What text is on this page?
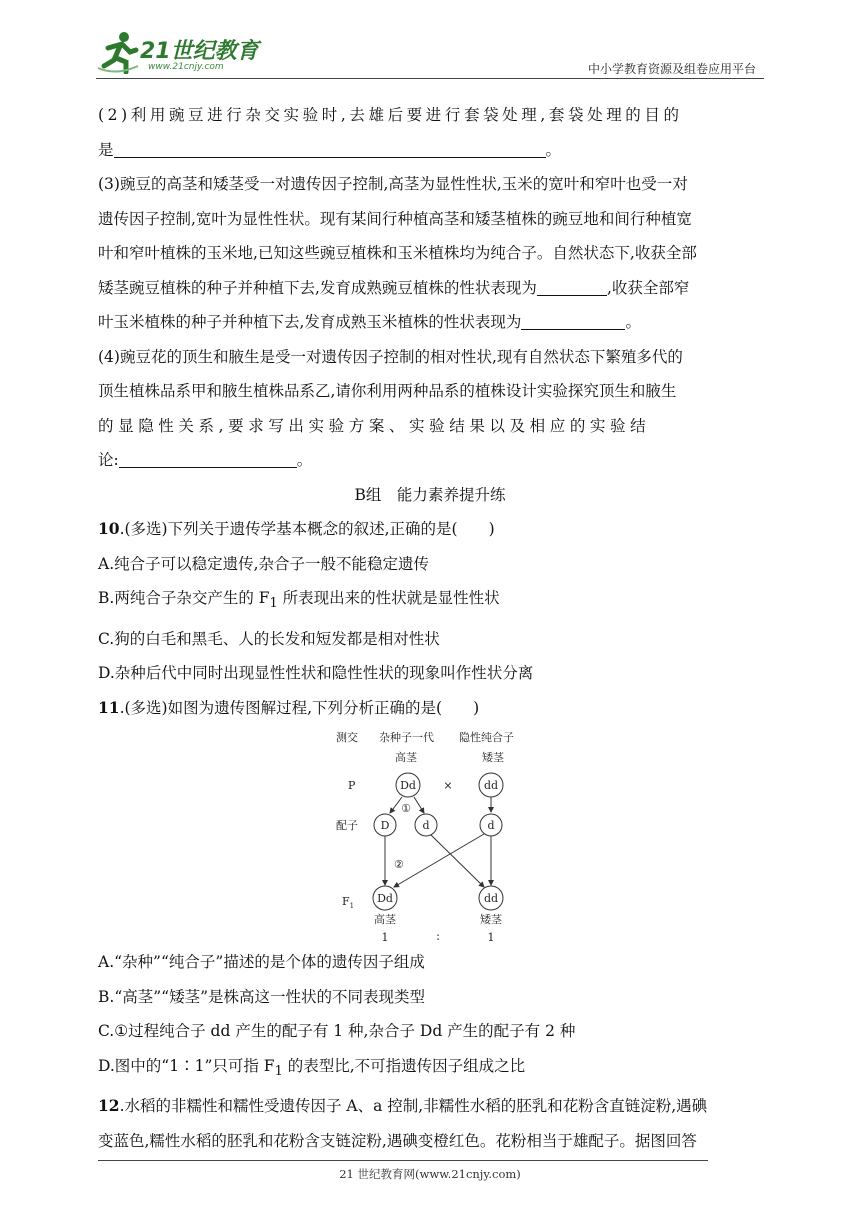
21世纪教育
www.21cnjy.com	中小学教育资源及组卷应用平台

(2)利用豌豆进行杂交实验时,去雄后要进行套袋处理,套袋处理的目的

是	。

(3)豌豆的高茎和矮茎受一对遗传因子控制,高茎为显性性状,玉米的宽叶和窄叶也受一对

遗传因子控制,宽叶为显性性状。现有某间行种植高茎和矮茎植株的豌豆地和间行种植宽

叶和窄叶植株的玉米地,已知这些豌豆植株和玉米植株均为纯合子。自然状态下,收获全部

矮茎豌豆植株的种子并种植下去,发育成熟豌豆植株的性状表现为	,收获全部窄

叶玉米植株的种子并种植下去,发育成熟玉米植株的性状表现为	。

(4)豌豆花的顶生和腋生是受一对遗传因子控制的相对性状,现有自然状态下繁殖多代的

顶生植株品系甲和腋生植株品系乙,请你利用两种品系的植株设计实验探究顶生和腋生

的显隐性关系,要求写出实验方案、实验结果以及相应的实验结

论:	。

B组　能力素养提升练

10.(多选)下列关于遗传学基本概念的叙述,正确的是(　　)

A.纯合子可以稳定遗传,杂合子一般不能稳定遗传

B.两纯合子杂交产生的 $F_1$ 所表现出来的性状就是显性性状

C.狗的白毛和黑毛、人的长发和短发都是相对性状

D.杂种后代中同时出现显性性状和隐性性状的现象叫作性状分离

11.(多选)如图为遗传图解过程,下列分析正确的是(　　)

测交 杂种子一代 隐性纯合子
高茎	矮茎
P	Dd ×	dd
①
配子 D	d	d
②
$F_1$
Dd	dd
高茎	矮茎
1	∶	1

A.“杂种”“纯合子”描述的是个体的遗传因子组成

B.“高茎”“矮茎”是株高这一性状的不同表现类型

C.①过程纯合子 dd 产生的配子有 1 种,杂合子 Dd 产生的配子有 2 种

D.图中的“1∶1”只可指 $F_1$ 的表型比,不可指遗传因子组成之比

12.水稻的非糯性和糯性受遗传因子 A、a 控制,非糯性水稻的胚乳和花粉含直链淀粉,遇碘

变蓝色,糯性水稻的胚乳和花粉含支链淀粉,遇碘变橙红色。花粉相当于雄配子。据图回答

21 世纪教育网(www.21cnjy.com)
